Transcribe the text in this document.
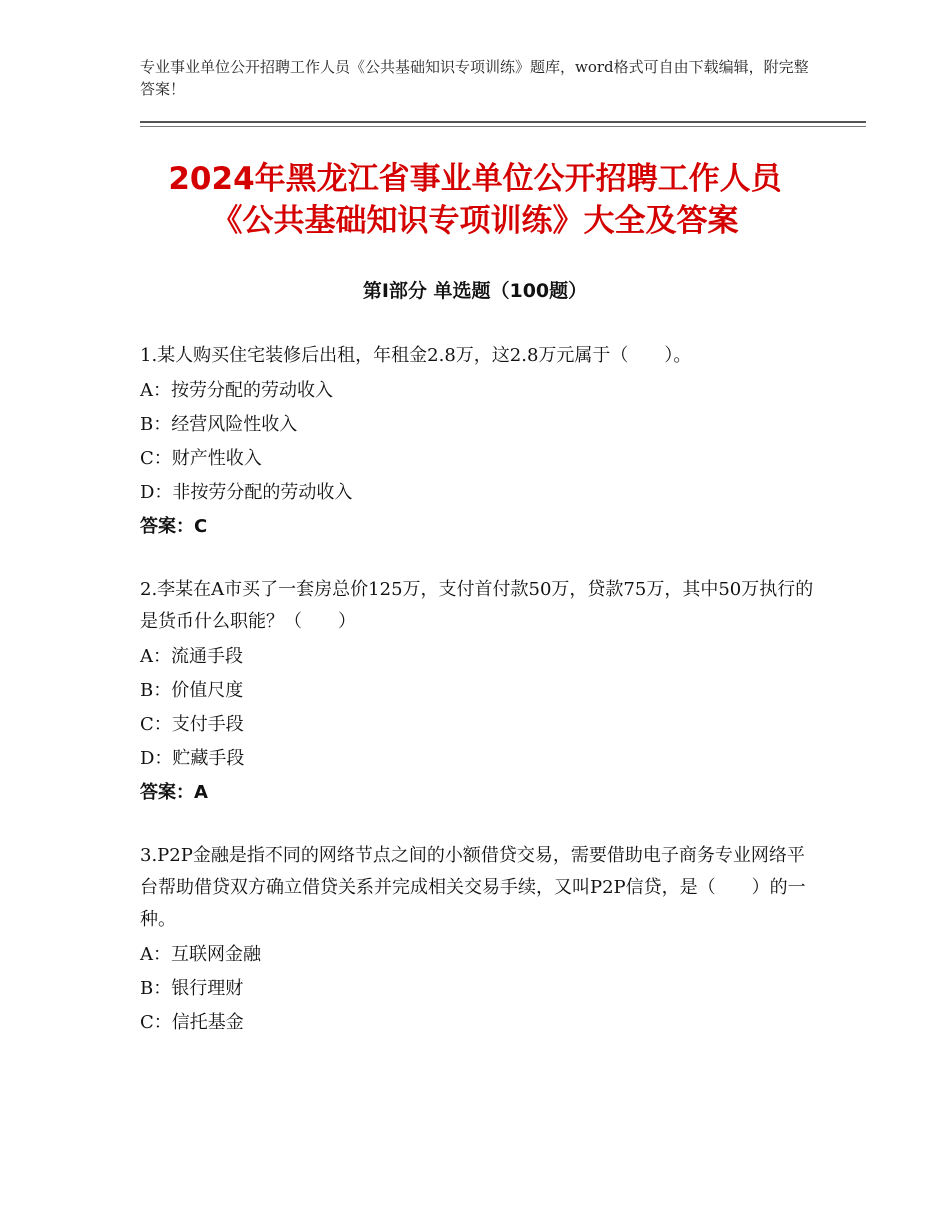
专业事业单位公开招聘工作人员《公共基础知识专项训练》题库，word格式可自由下载编辑，附完整答案！
2024年黑龙江省事业单位公开招聘工作人员
《公共基础知识专项训练》大全及答案
第Ⅰ部分 单选题（100题）
1.某人购买住宅装修后出租，年租金2.8万，这2.8万元属于（　　）。
A：按劳分配的劳动收入
B：经营风险性收入
C：财产性收入
D：非按劳分配的劳动收入
答案：C
2.李某在A市买了一套房总价125万，支付首付款50万，贷款75万，其中50万执行的是货币什么职能？（　　）
A：流通手段
B：价值尺度
C：支付手段
D：贮藏手段
答案：A
3.P2P金融是指不同的网络节点之间的小额借贷交易，需要借助电子商务专业网络平台帮助借贷双方确立借贷关系并完成相关交易手续，又叫P2P信贷，是（　　）的一种。
A：互联网金融
B：银行理财
C：信托基金
